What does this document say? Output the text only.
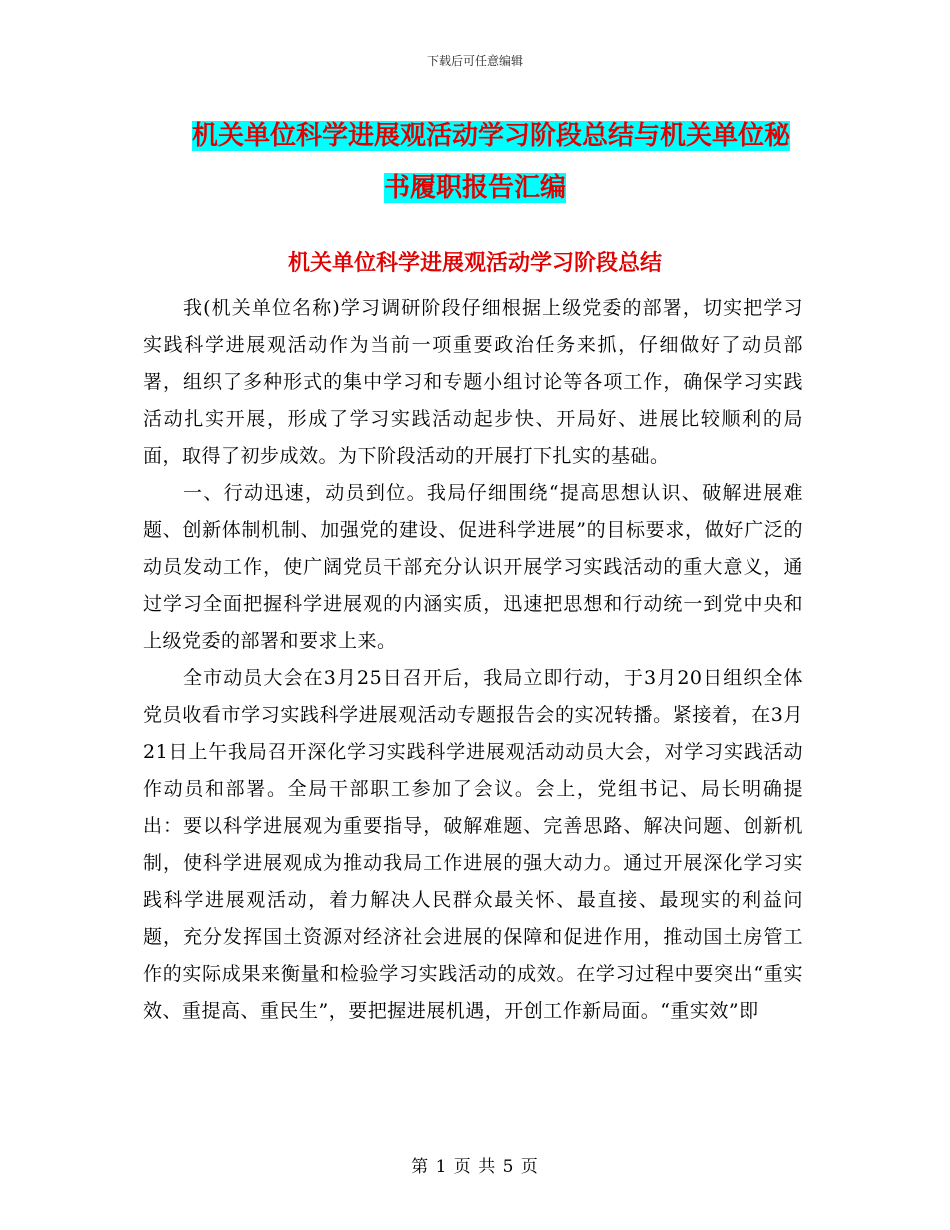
下载后可任意编辑
机关单位科学进展观活动学习阶段总结与机关单位秘
书履职报告汇编
机关单位科学进展观活动学习阶段总结

我(机关单位名称)学习调研阶段仔细根据上级党委的部署，切实把学习实践科学进展观活动作为当前一项重要政治任务来抓，仔细做好了动员部署，组织了多种形式的集中学习和专题小组讨论等各项工作，确保学习实践活动扎实开展，形成了学习实践活动起步快、开局好、进展比较顺利的局面，取得了初步成效。为下阶段活动的开展打下扎实的基础。

一、行动迅速，动员到位。我局仔细围绕“提高思想认识、破解进展难题、创新体制机制、加强党的建设、促进科学进展”的目标要求，做好广泛的动员发动工作，使广阔党员干部充分认识开展学习实践活动的重大意义，通过学习全面把握科学进展观的内涵实质，迅速把思想和行动统一到党中央和上级党委的部署和要求上来。

全市动员大会在3月25日召开后，我局立即行动，于3月20日组织全体党员收看市学习实践科学进展观活动专题报告会的实况转播。紧接着，在3月21日上午我局召开深化学习实践科学进展观活动动员大会，对学习实践活动作动员和部署。全局干部职工参加了会议。会上，党组书记、局长明确提出：要以科学进展观为重要指导，破解难题、完善思路、解决问题、创新机制，使科学进展观成为推动我局工作进展的强大动力。通过开展深化学习实践科学进展观活动，着力解决人民群众最关怀、最直接、最现实的利益问题，充分发挥国土资源对经济社会进展的保障和促进作用，推动国土房管工作的实际成果来衡量和检验学习实践活动的成效。在学习过程中要突出“重实效、重提高、重民生”，要把握进展机遇，开创工作新局面。“重实效”即

第 1 页 共 5 页
